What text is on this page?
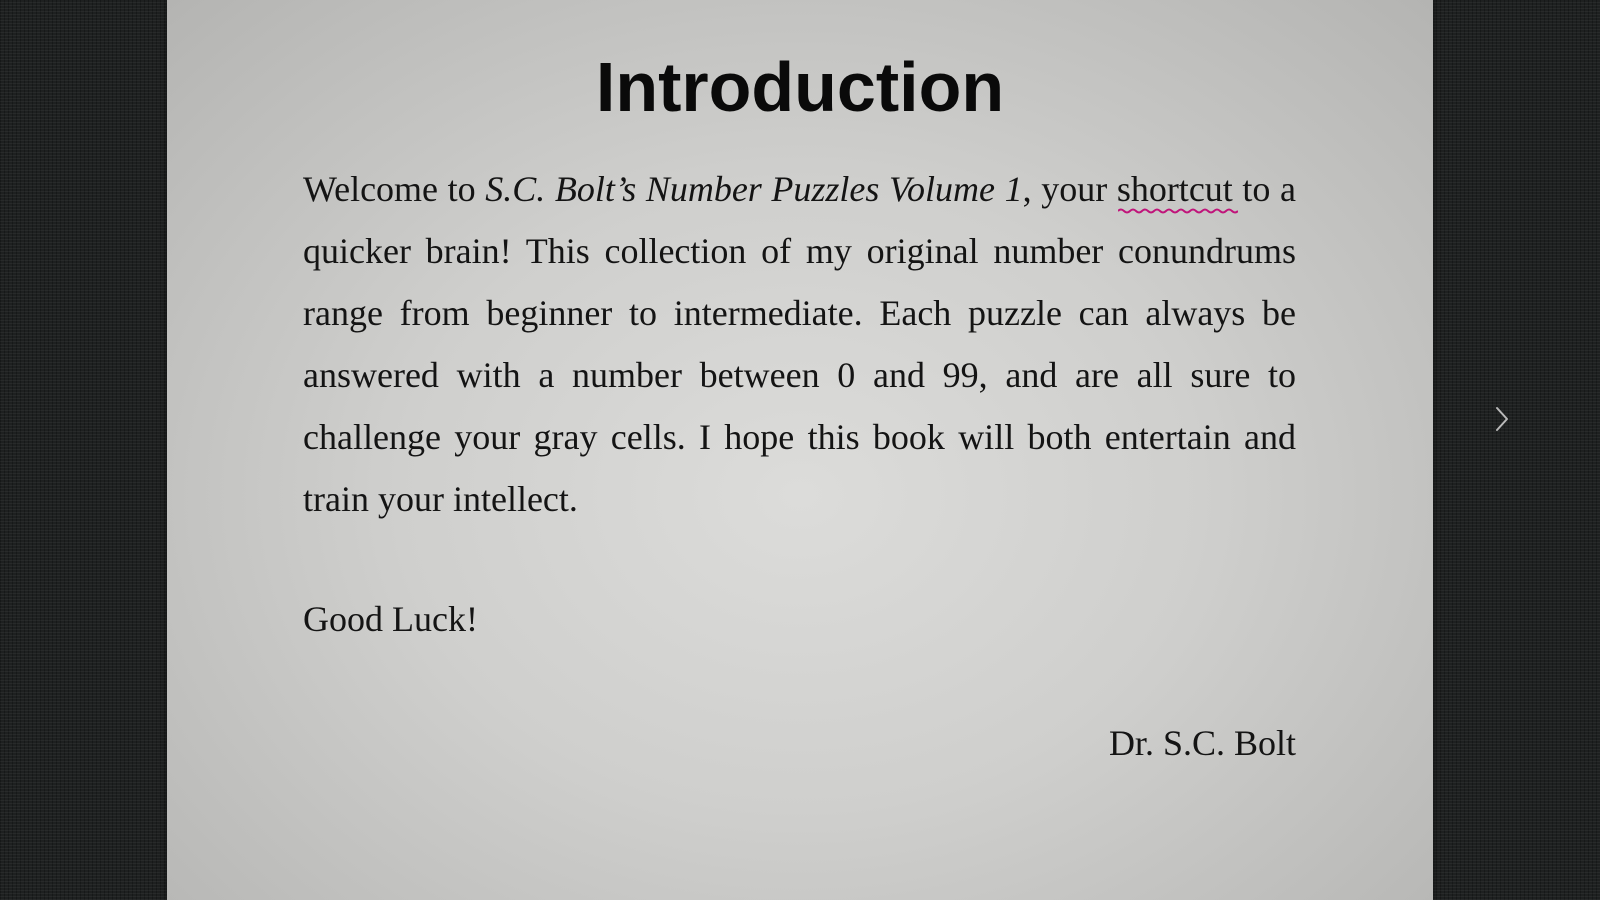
Introduction

Welcome to S.C. Bolt’s Number Puzzles Volume 1, your shortcut
to a quicker brain! This collection of my original number conundrums range from beginner to intermediate. Each puzzle can always be answered with a number between 0 and 99, and are all sure to challenge your gray cells. I hope this book will both entertain and train your intellect.

Good Luck!

Dr. S.C. Bolt
